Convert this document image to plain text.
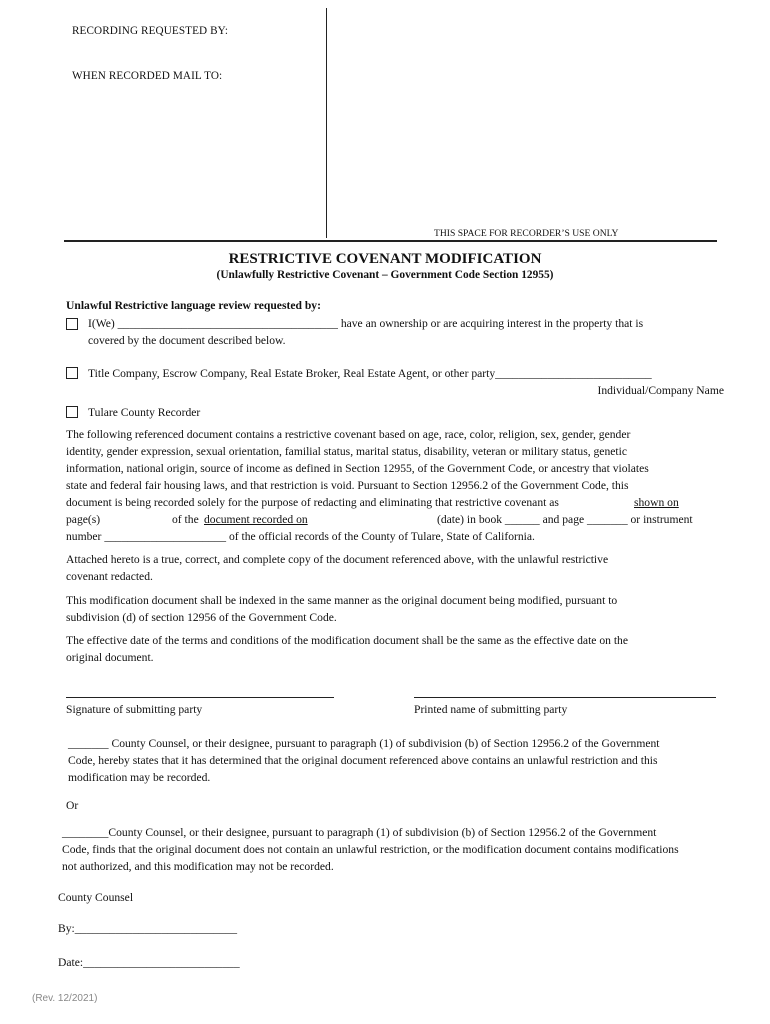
RECORDING REQUESTED BY:
WHEN RECORDED MAIL TO:
THIS SPACE FOR RECORDER’S USE ONLY
RESTRICTIVE COVENANT MODIFICATION
(Unlawfully Restrictive Covenant – Government Code Section 12955)
Unlawful Restrictive language review requested by:
I(We) ______________________________________ have an ownership or are acquiring interest in the property that is
covered by the document described below.
Title Company, Escrow Company, Real Estate Broker, Real Estate Agent, or other party___________________________
Individual/Company Name
Tulare County Recorder
The following referenced document contains a restrictive covenant based on age, race, color, religion, sex, gender, gender
identity, gender expression, sexual orientation, familial status, marital status, disability, veteran or military status, genetic
information, national origin, source of income as defined in Section 12955, of the Government Code, or ancestry that violates
state and federal fair housing laws, and that restriction is void. Pursuant to Section 12956.2 of the Government Code, this
document is being recorded solely for the purpose of redacting and eliminating that restrictive covenant as	shown on
page(s)	of the document recorded on	(date) in book ______ and page _______ or instrument
number _____________________ of the official records of the County of Tulare, State of California.
Attached hereto is a true, correct, and complete copy of the document referenced above, with the unlawful restrictive
covenant redacted.
This modification document shall be indexed in the same manner as the original document being modified, pursuant to
subdivision (d) of section 12956 of the Government Code.
The effective date of the terms and conditions of the modification document shall be the same as the effective date on the
original document.
Signature of submitting party	Printed name of submitting party
_______ County Counsel, or their designee, pursuant to paragraph (1) of subdivision (b) of Section 12956.2 of the Government
Code, hereby states that it has determined that the original document referenced above contains an unlawful restriction and this
modification may be recorded.
Or
________County Counsel, or their designee, pursuant to paragraph (1) of subdivision (b) of Section 12956.2 of the Government
Code, finds that the original document does not contain an unlawful restriction, or the modification document contains modifications
not authorized, and this modification may not be recorded.
County Counsel
By:____________________________
Date:___________________________
(Rev. 12/2021)
